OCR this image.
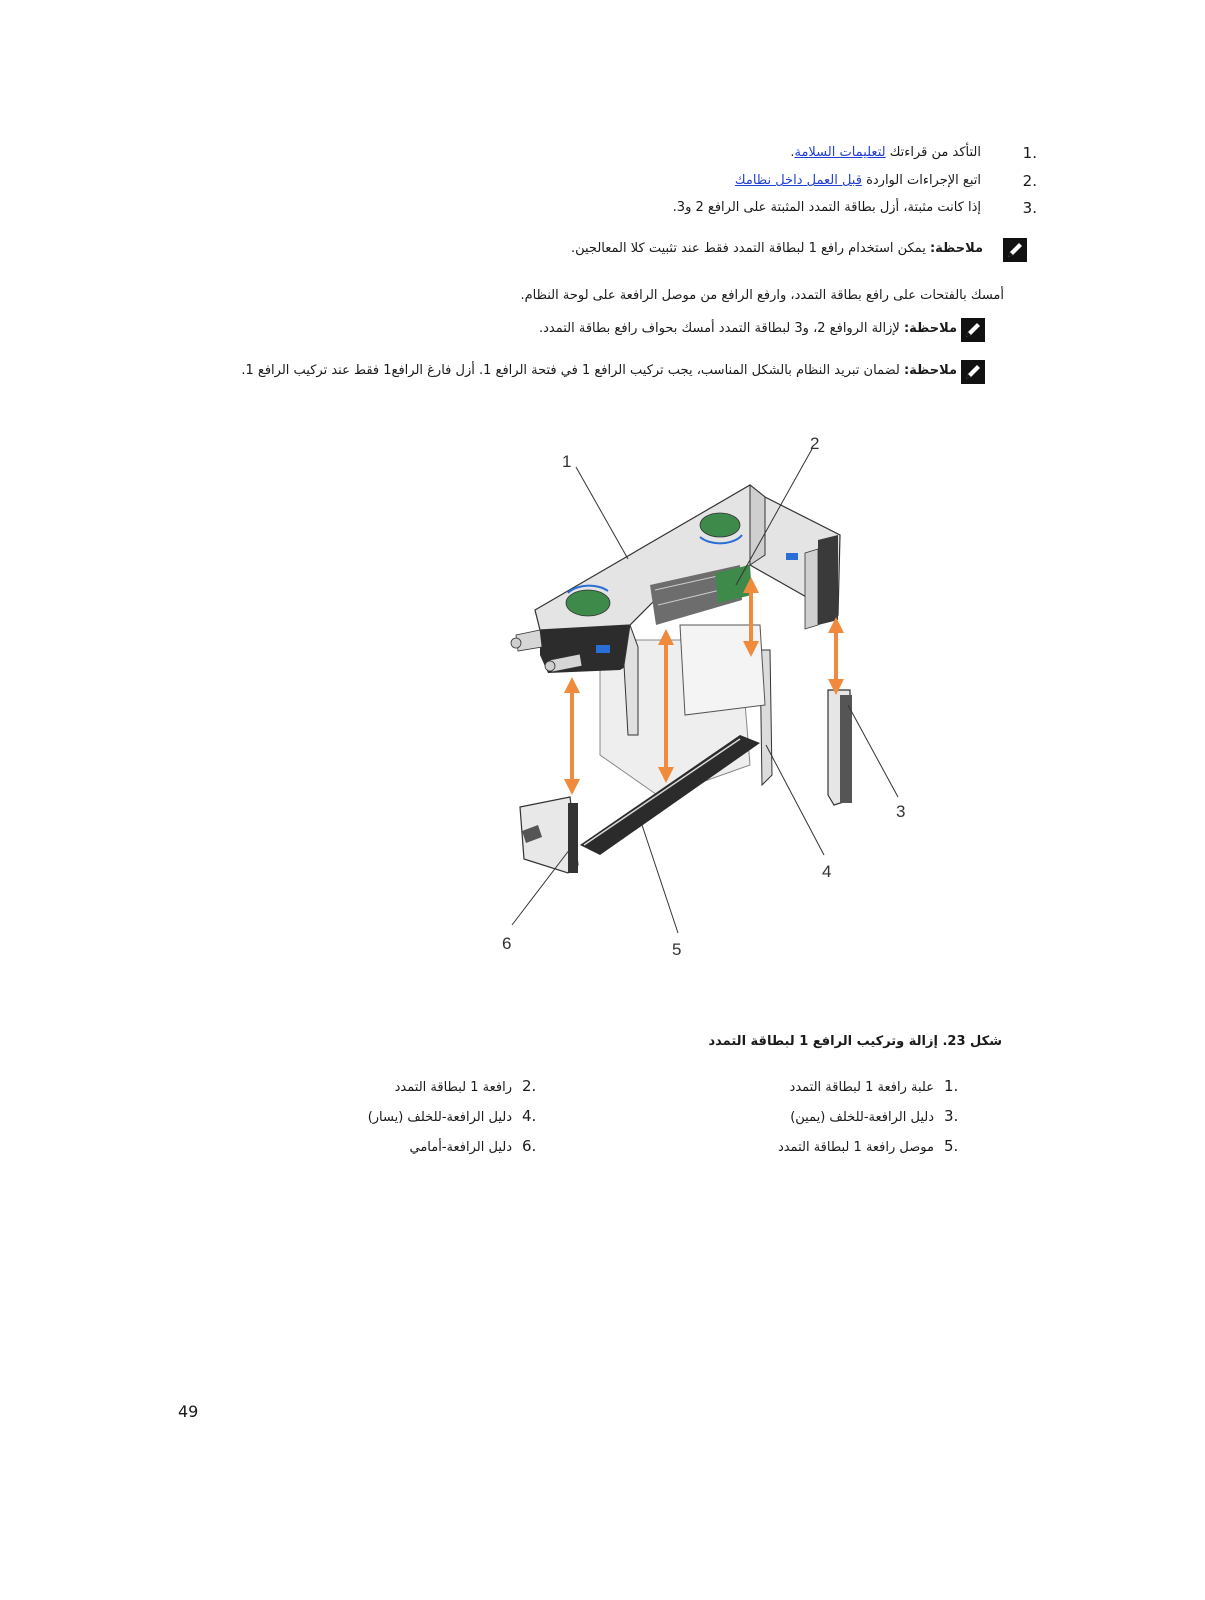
.1
التأكد من قراءتك لتعليمات السلامة.
.2
اتبع الإجراءات الواردة قبل العمل داخل نظامك
.3
إذا كانت مثبتة، أزل بطاقة التمدد المثبتة على الرافع 2 و3.
ملاحظة: يمكن استخدام رافع 1 لبطاقة التمدد فقط عند تثبيت كلا المعالجين.
أمسك بالفتحات على رافع بطاقة التمدد، وارفع الرافع من موصل الرافعة على لوحة النظام.
ملاحظة: لإزالة الروافع 2، و3 لبطاقة التمدد أمسك بحواف رافع بطاقة التمدد.
ملاحظة: لضمان تبريد النظام بالشكل المناسب، يجب تركيب الرافع 1 في فتحة الرافع 1. أزل فارغ الرافع1 فقط عند تركيب الرافع 1.
1
2
3
4
5
6
شكل 23. إزالة وتركيب الرافع 1 لبطاقة التمدد
.1علبة رافعة 1 لبطاقة التمدد
.2رافعة 1 لبطاقة التمدد
.3دليل الرافعة-للخلف (يمين)
.4دليل الرافعة-للخلف (يسار)
.5موصل رافعة 1 لبطاقة التمدد
.6دليل الرافعة-أمامي
49
